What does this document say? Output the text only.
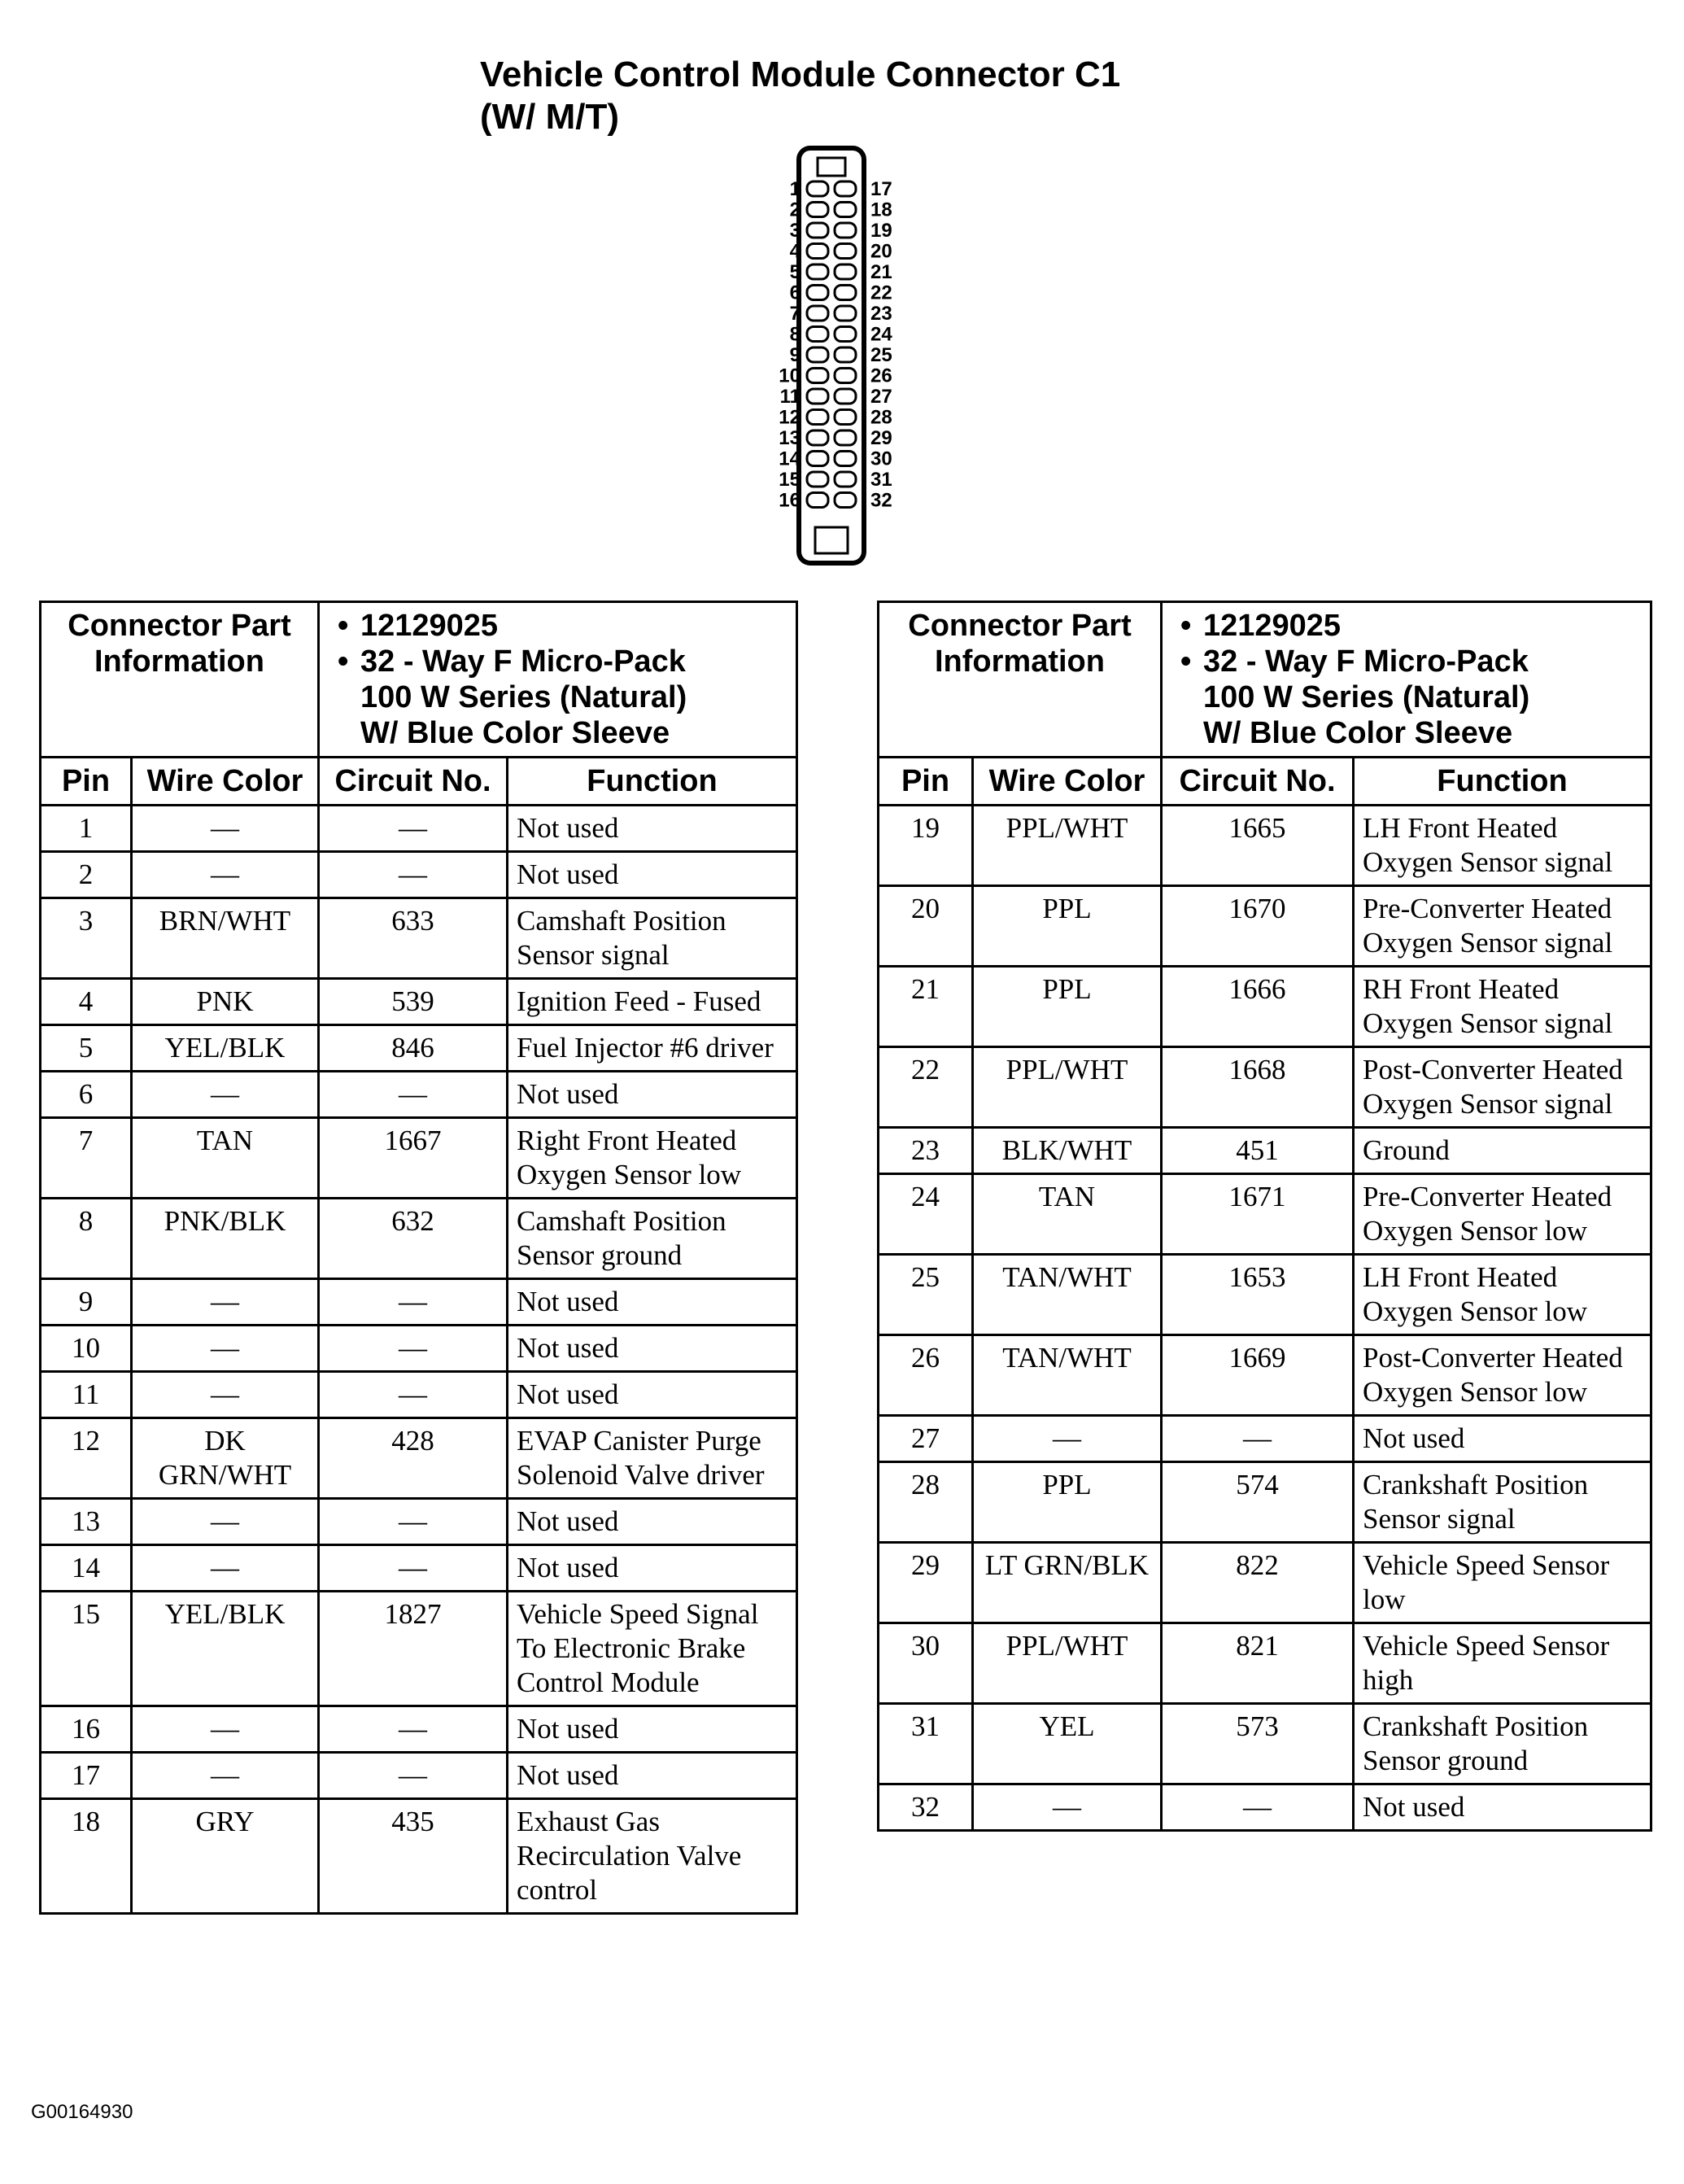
Vehicle Control Module Connector C1
(W/ M/T)
1
2
3
4
5
6
7
8
9
10
11
12
13
14
15
16
17
18
19
20
21
22
23
24
25
26
27
28
29
30
31
32
Connector Part Information		• 12129025
• 32 - Way F Micro-Pack
100 W Series (Natural)
W/ Blue Color Sleeve

Pin	Wire Color	Circuit No.	Function
1	—	—	Not used
2	—	—	Not used
3	BRN/WHT	633	Camshaft Position Sensor signal
4	PNK	539	Ignition Feed - Fused
5	YEL/BLK	846	Fuel Injector #6 driver
6	—	—	Not used
7	TAN	1667	Right Front Heated Oxygen Sensor low
8	PNK/BLK	632	Camshaft Position Sensor ground
9	—	—	Not used
10	—	—	Not used
11	—	—	Not used
12	DK GRN/WHT	428	EVAP Canister Purge Solenoid Valve driver
13	—	—	Not used
14	—	—	Not used
15	YEL/BLK	1827	Vehicle Speed Signal To Electronic Brake Control Module
16	—	—	Not used
17	—	—	Not used
18	GRY	435	Exhaust Gas Recirculation Valve control
Connector Part Information		• 12129025
• 32 - Way F Micro-Pack
100 W Series (Natural)
W/ Blue Color Sleeve

Pin	Wire Color	Circuit No.	Function
19	PPL/WHT	1665	LH Front Heated Oxygen Sensor signal
20	PPL	1670	Pre-Converter Heated Oxygen Sensor signal
21	PPL	1666	RH Front Heated Oxygen Sensor signal
22	PPL/WHT	1668	Post-Converter Heated Oxygen Sensor signal
23	BLK/WHT	451	Ground
24	TAN	1671	Pre-Converter Heated Oxygen Sensor low
25	TAN/WHT	1653	LH Front Heated Oxygen Sensor low
26	TAN/WHT	1669	Post-Converter Heated Oxygen Sensor low
27	—	—	Not used
28	PPL	574	Crankshaft Position Sensor signal
29	LT GRN/BLK	822	Vehicle Speed Sensor low
30	PPL/WHT	821	Vehicle Speed Sensor high
31	YEL	573	Crankshaft Position Sensor ground
32	—	—	Not used
G00164930
